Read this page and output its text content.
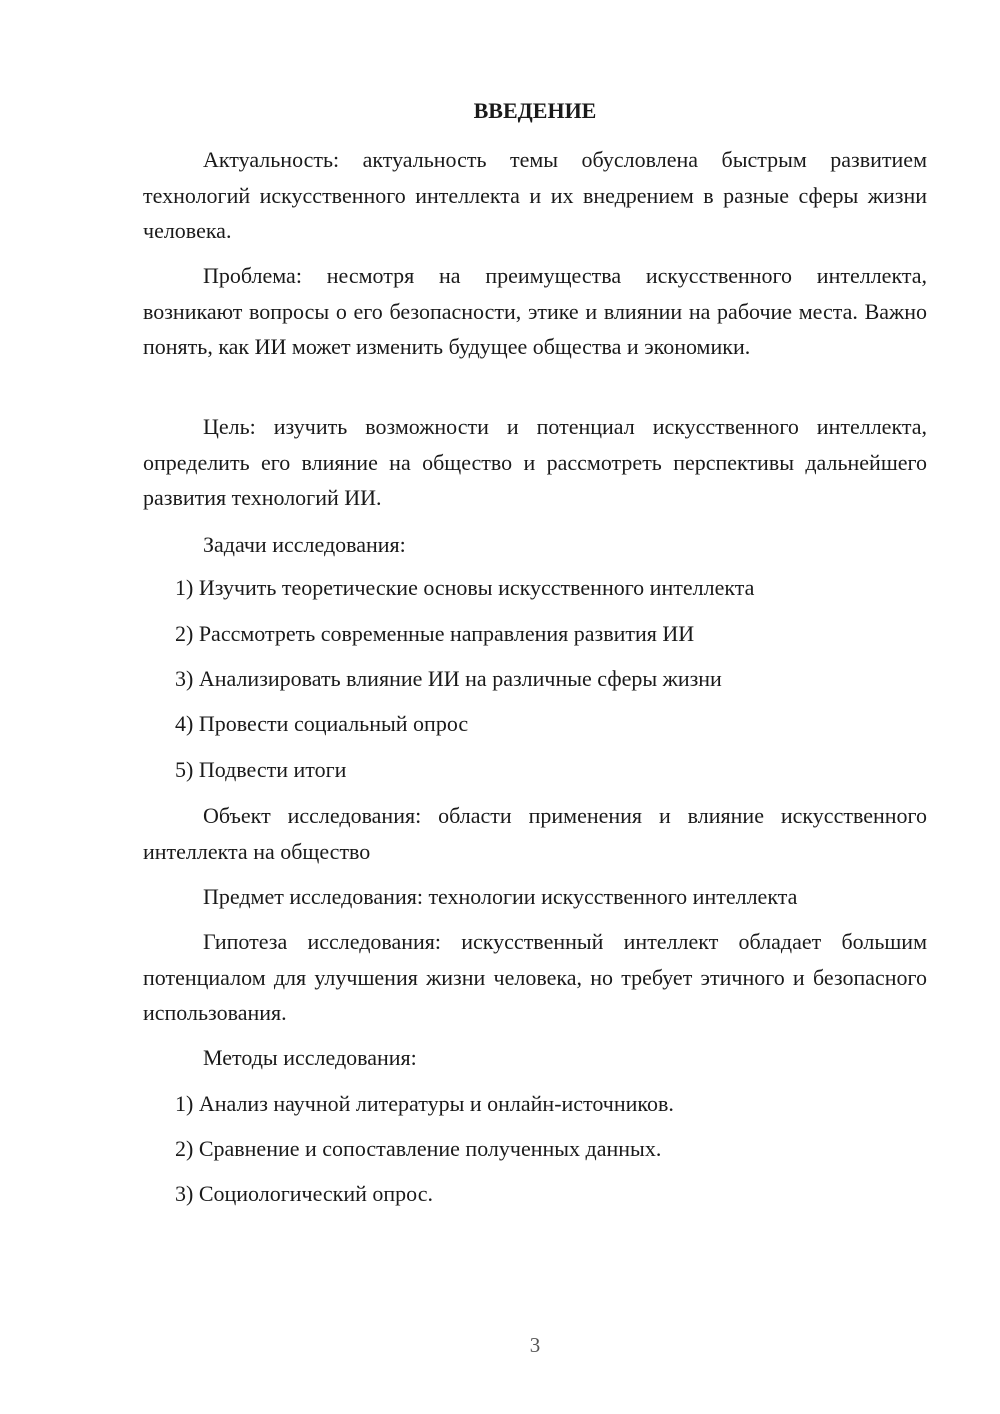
ВВЕДЕНИЕ

Актуальность: актуальность темы обусловлена быстрым развитием технологий искусственного интеллекта и их внедрением в разные сферы жизни человека.

Проблема: несмотря на преимущества искусственного интеллекта, возникают вопросы о его безопасности, этике и влиянии на рабочие места. Важно понять, как ИИ может изменить будущее общества и экономики.

Цель: изучить возможности и потенциал искусственного интеллекта, определить его влияние на общество и рассмотреть перспективы дальнейшего развития технологий ИИ.

Задачи исследования:

1) Изучить теоретические основы искусственного интеллекта

2) Рассмотреть современные направления развития ИИ

3) Анализировать влияние ИИ на различные сферы жизни

4) Провести социальный опрос

5) Подвести итоги

Объект исследования: области применения и влияние искусственного интеллекта на общество

Предмет исследования: технологии искусственного интеллекта

Гипотеза исследования: искусственный интеллект обладает большим потенциалом для улучшения жизни человека, но требует этичного и безопасного использования.

Методы исследования:

1) Анализ научной литературы и онлайн-источников.

2) Сравнение и сопоставление полученных данных.

3) Социологический опрос.

3
